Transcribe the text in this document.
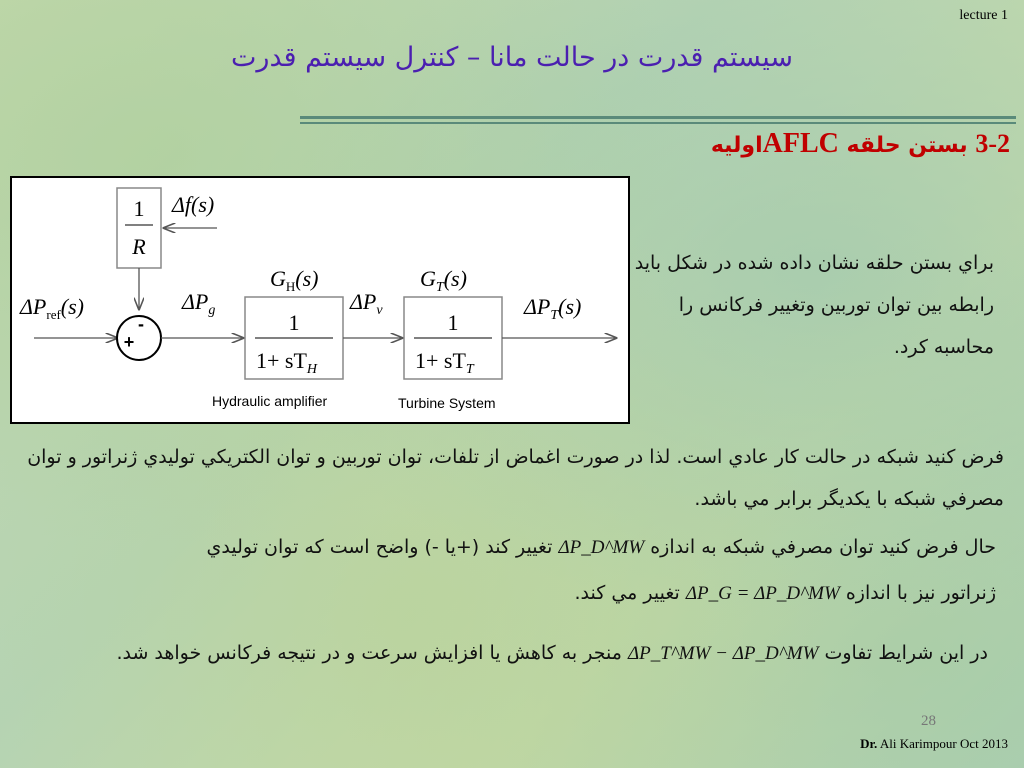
lecture 1
سيستم قدرت در حالت مانا – کنترل سيستم قدرت
3-2 بستن حلقه AFLCاوليه
1
R
Δf(s)
$\Delta P_{ref}(s)$
-
+
$\Delta P_g$
$G_H(s)$
1
$1+ sT_H$
Hydraulic amplifier
$\Delta P_v$
$G_T(s)$
1
$1+ sT_T$
Turbine System
$\Delta P_T(s)$
براي بستن حلقه نشان داده شده در شکل بايد رابطه بين توان توربين وتغيير فرکانس را محاسبه کرد.
فرض کنيد شبکه در حالت کار عادي است. لذا در صورت اغماض از تلفات، توان توربين و توان الکتريکي توليدي ژنراتور و توان مصرفي شبکه با يکديگر برابر مي باشد.
حال فرض کنيد توان مصرفي شبکه به اندازه ΔP_D^MW تغيير کند (+يا -) واضح است که توان توليدي
ژنراتور نيز با اندازه ΔP_G = ΔP_D^MW تغيير مي کند.
در اين شرايط تفاوت ΔP_T^MW − ΔP_D^MW منجر به کاهش يا افزايش سرعت و در نتيجه فرکانس خواهد شد.
28
Dr. Ali Karimpour Oct 2013
